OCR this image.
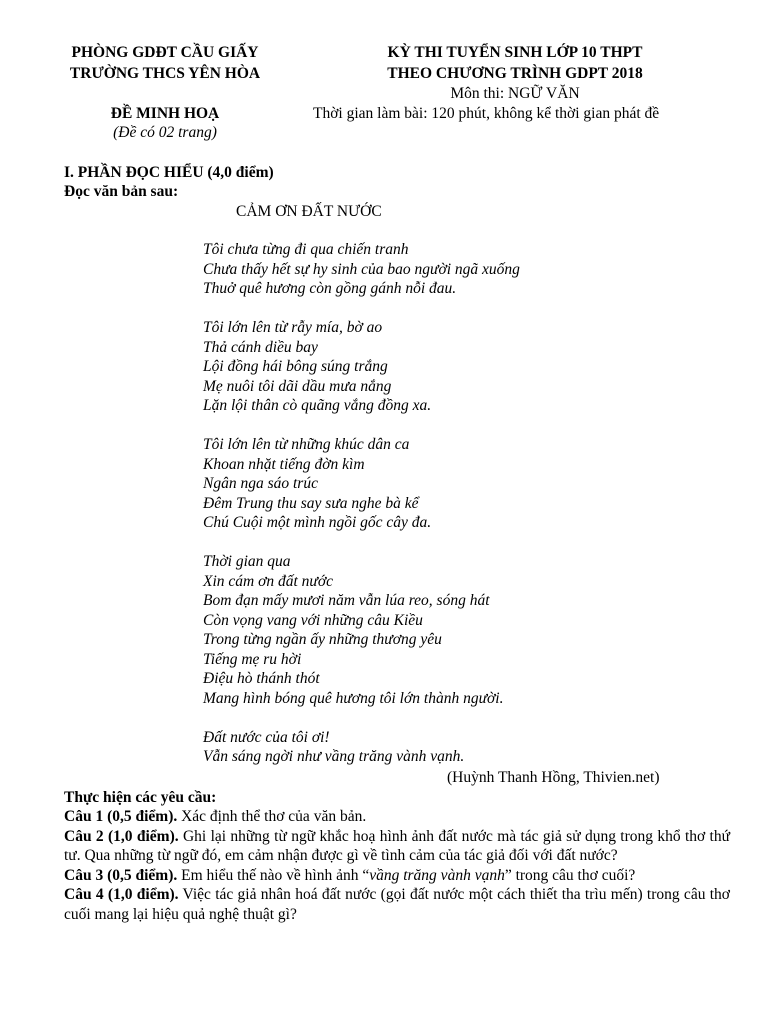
PHÒNG GDĐT CẦU GIẤY
TRƯỜNG THCS YÊN HÒA
ĐỀ MINH HOẠ
(Đề có 02 trang)
KỲ THI TUYỂN SINH LỚP 10 THPT
THEO CHƯƠNG TRÌNH GDPT 2018
Môn thi: NGỮ VĂN
Thời gian làm bài: 120 phút, không kể thời gian phát đề
I. PHẦN ĐỌC HIỂU (4,0 điểm)
Đọc văn bản sau:
CẢM ƠN ĐẤT NƯỚC
Tôi chưa từng đi qua chiến tranh
Chưa thấy hết sự hy sinh của bao người ngã xuống
Thuở quê hương còn gồng gánh nỗi đau.
Tôi lớn lên từ rẫy mía, bờ ao
Thả cánh diều bay
Lội đồng hái bông súng trắng
Mẹ nuôi tôi dãi dầu mưa nắng
Lặn lội thân cò quãng vắng đồng xa.
Tôi lớn lên từ những khúc dân ca
Khoan nhặt tiếng đờn kìm
Ngân nga sáo trúc
Đêm Trung thu say sưa nghe bà kể
Chú Cuội một mình ngồi gốc cây đa.
Thời gian qua
Xin cám ơn đất nước
Bom đạn mấy mươi năm vẫn lúa reo, sóng hát
Còn vọng vang với những câu Kiều
Trong từng ngần ấy những thương yêu
Tiếng mẹ ru hời
Điệu hò thánh thót
Mang hình bóng quê hương tôi lớn thành người.
Đất nước của tôi ơi!
Vẫn sáng ngời như vầng trăng vành vạnh.
(Huỳnh Thanh Hồng, Thivien.net)
Thực hiện các yêu cầu:

Câu 1 (0,5 điểm). Xác định thể thơ của văn bản.

Câu 2 (1,0 điểm). Ghi lại những từ ngữ khắc hoạ hình ảnh đất nước mà tác giả sử dụng trong khổ thơ thứ tư. Qua những từ ngữ đó, em cảm nhận được gì về tình cảm của tác giả đối với đất nước?

Câu 3 (0,5 điểm). Em hiểu thế nào về hình ảnh “vầng trăng vành vạnh” trong câu thơ cuối?

Câu 4 (1,0 điểm). Việc tác giả nhân hoá đất nước (gọi đất nước một cách thiết tha trìu mến) trong câu thơ cuối mang lại hiệu quả nghệ thuật gì?
